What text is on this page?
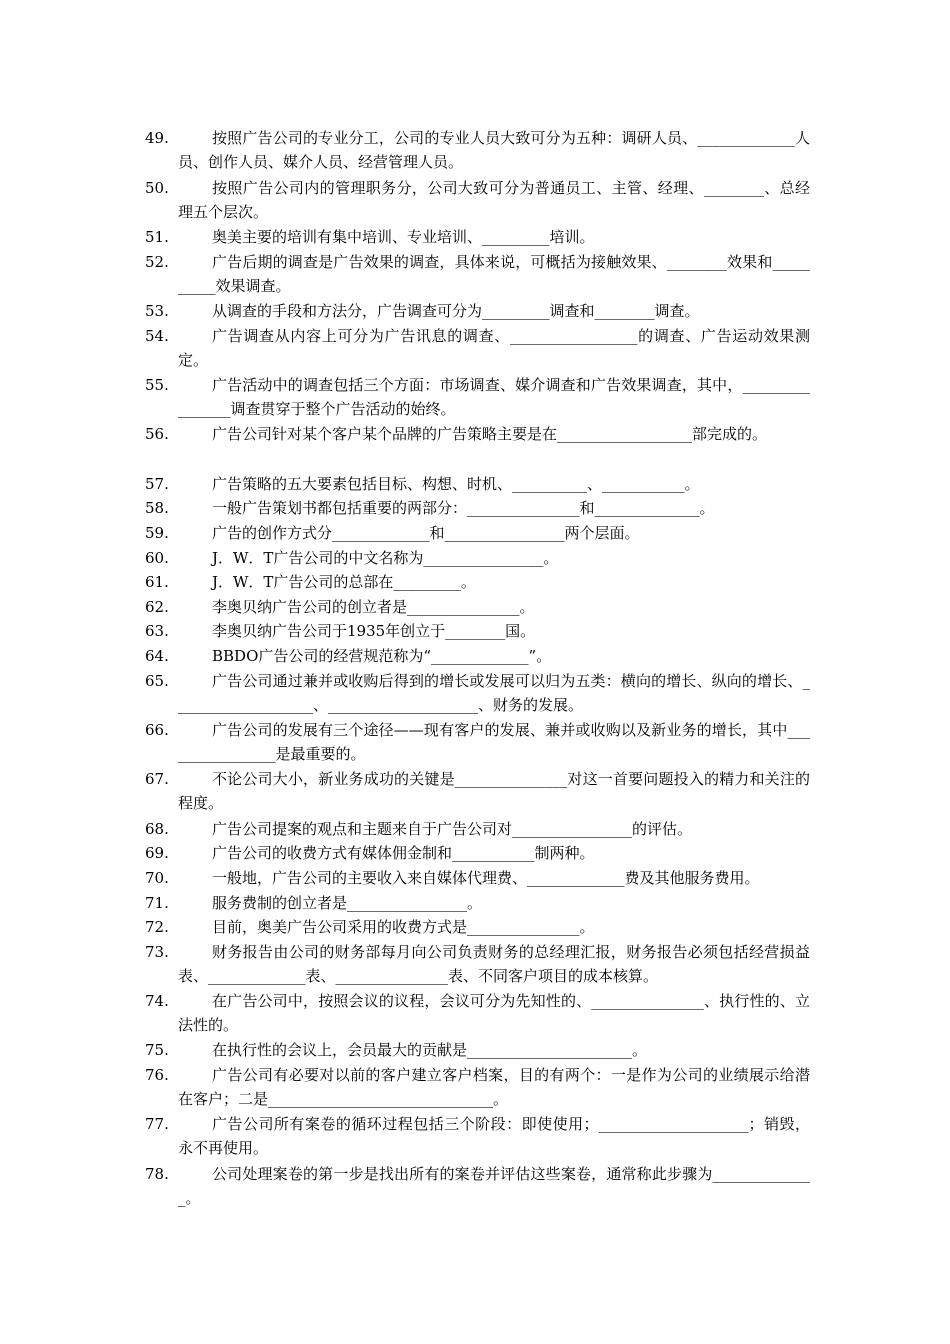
49.	按照广告公司的专业分工，公司的专业人员大致可分为五种：调研人员、_____________人员、创作人员、媒介人员、经营管理人员。
50.	按照广告公司内的管理职务分，公司大致可分为普通员工、主管、经理、________、总经理五个层次。
51.	奥美主要的培训有集中培训、专业培训、_________培训。
52.	广告后期的调查是广告效果的调查，具体来说，可概括为接触效果、________效果和__________效果调查。
53.	从调查的手段和方法分，广告调查可分为_________调查和________调查。
54.	广告调查从内容上可分为广告讯息的调查、_________________的调查、广告运动效果测定。
55.	广告活动中的调查包括三个方面：市场调查、媒介调查和广告效果调查，其中，________________调查贯穿于整个广告活动的始终。
56.	广告公司针对某个客户某个品牌的广告策略主要是在__________________部完成的。
57.	广告策略的五大要素包括目标、构想、时机、__________、___________。
58.	一般广告策划书都包括重要的两部分：_______________和______________。
59.	广告的创作方式分_____________和________________两个层面。
60.	J．W．T广告公司的中文名称为________________。
61.	J．W．T广告公司的总部在_________。
62.	李奥贝纳广告公司的创立者是_______________。
63.	李奥贝纳广告公司于1935年创立于________国。
64.	BBDO广告公司的经营规范称为“_____________”。
65.	广告公司通过兼并或收购后得到的增长或发展可以归为五类：横向的增长、纵向的增长、___________________、____________________、财务的发展。
66.	广告公司的发展有三个途径——现有客户的发展、兼并或收购以及新业务的增长，其中________________是最重要的。
67.	不论公司大小，新业务成功的关键是_______________对这一首要问题投入的精力和关注的程度。
68.	广告公司提案的观点和主题来自于广告公司对________________的评估。
69.	广告公司的收费方式有媒体佣金制和___________制两种。
70.	一般地，广告公司的主要收入来自媒体代理费、_____________费及其他服务费用。
71.	服务费制的创立者是________________。
72.	目前，奥美广告公司采用的收费方式是_______________。
73.	财务报告由公司的财务部每月向公司负责财务的总经理汇报，财务报告必须包括经营损益表、_____________表、_______________表、不同客户项目的成本核算。
74.	在广告公司中，按照会议的议程，会议可分为先知性的、_______________、执行性的、立法性的。
75.	在执行性的会议上，会员最大的贡献是______________________。
76.	广告公司有必要对以前的客户建立客户档案，目的有两个：一是作为公司的业绩展示给潜在客户；二是______________________________。
77.	广告公司所有案卷的循环过程包括三个阶段：即使使用；____________________；销毁，永不再使用。
78.	公司处理案卷的第一步是找出所有的案卷并评估这些案卷，通常称此步骤为______________。
